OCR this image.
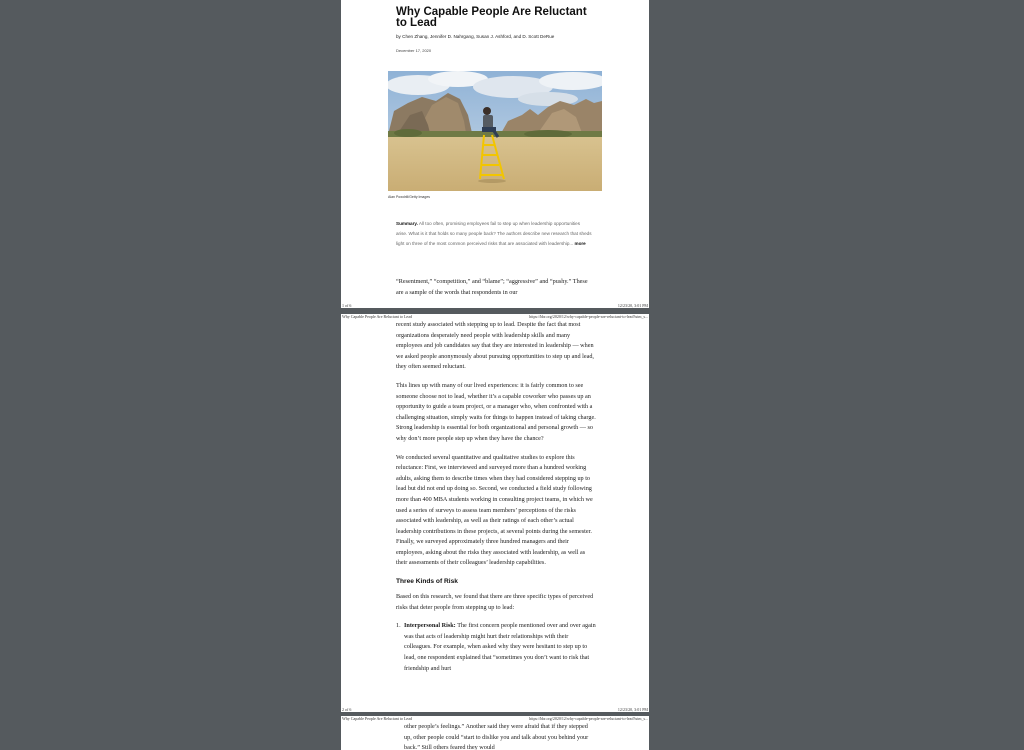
Why Capable People Are Reluctant to Lead
by Chen Zhang, Jennifer D. Nahrgang, Susan J. Ashford, and D. Scott DeRue
December 17, 2020
Alan Powdrill/Getty Images

Summary. All too often, promising employees fail to step up when leadership opportunities arise. What is it that holds so many people back? The authors describe new research that sheds light on three of the most common perceived risks that are associated with leadership... more

“Resentment,” “competition,” and “blame”; “aggressive” and “pushy.” These are a sample of the words that respondents in our

1 of 6	12/23/20, 3:01 PM
Why Capable People Are Reluctant to Lead	https://hbr.org/2020/12/why-capable-people-are-reluctant-to-lead?utm_s...

recent study associated with stepping up to lead. Despite the fact that most organizations desperately need people with leadership skills and many employees and job candidates say that they are interested in leadership — when we asked people anonymously about pursuing opportunities to step up and lead, they often seemed reluctant.

This lines up with many of our lived experiences: it is fairly common to see someone choose not to lead, whether it’s a capable coworker who passes up an opportunity to guide a team project, or a manager who, when confronted with a challenging situation, simply waits for things to happen instead of taking charge. Strong leadership is essential for both organizational and personal growth — so why don’t more people step up when they have the chance?

We conducted several quantitative and qualitative studies to explore this reluctance: First, we interviewed and surveyed more than a hundred working adults, asking them to describe times when they had considered stepping up to lead but did not end up doing so. Second, we conducted a field study following more than 400 MBA students working in consulting project teams, in which we used a series of surveys to assess team members’ perceptions of the risks associated with leadership, as well as their ratings of each other’s actual leadership contributions in these projects, at several points during the semester. Finally, we surveyed approximately three hundred managers and their employees, asking about the risks they associated with leadership, as well as their assessments of their colleagues’ leadership capabilities.

Three Kinds of Risk

Based on this research, we found that there are three specific types of perceived risks that deter people from stepping up to lead:

1. Interpersonal Risk: The first concern people mentioned over and over again was that acts of leadership might hurt their relationships with their colleagues. For example, when asked why they were hesitant to step up to lead, one respondent explained that “sometimes you don’t want to risk that friendship and hurt
2 of 6	12/23/20, 3:01 PM
Why Capable People Are Reluctant to Lead	https://hbr.org/2020/12/why-capable-people-are-reluctant-to-lead?utm_s...
other people’s feelings.” Another said they were afraid that if they stepped up, other people could “start to dislike you and talk about you behind your back.” Still others feared they would
